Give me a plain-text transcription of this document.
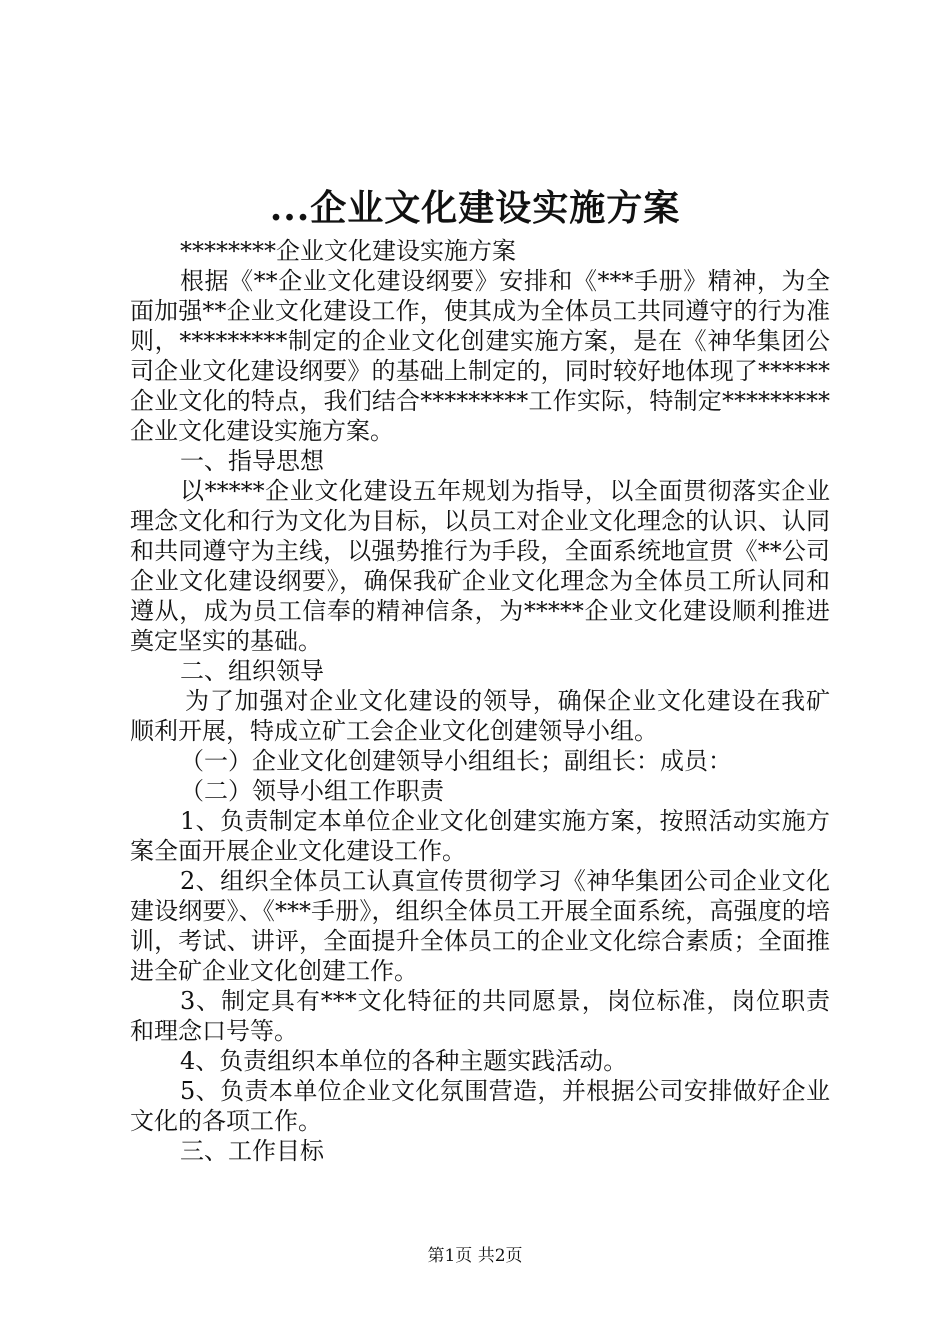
...企业文化建设实施方案

********企业文化建设实施方案

根据《**企业文化建设纲要》安排和《***手册》精神，为全面加强**企业文化建设工作，使其成为全体员工共同遵守的行为准则，*********制定的企业文化创建实施方案，是在《神华集团公司企业文化建设纲要》的基础上制定的，同时较好地体现了******企业文化的特点，我们结合*********工作实际，特制定*********企业文化建设实施方案。

一、指导思想

以*****企业文化建设五年规划为指导，以全面贯彻落实企业理念文化和行为文化为目标，以员工对企业文化理念的认识、认同和共同遵守为主线，以强势推行为手段，全面系统地宣贯《**公司企业文化建设纲要》，确保我矿企业文化理念为全体员工所认同和遵从，成为员工信奉的精神信条，为*****企业文化建设顺利推进奠定坚实的基础。

二、组织领导

为了加强对企业文化建设的领导，确保企业文化建设在我矿顺利开展，特成立矿工会企业文化创建领导小组。

（一）企业文化创建领导小组组长；副组长：成员：

（二）领导小组工作职责

1、负责制定本单位企业文化创建实施方案，按照活动实施方案全面开展企业文化建设工作。

2、组织全体员工认真宣传贯彻学习《神华集团公司企业文化建设纲要》、《***手册》，组织全体员工开展全面系统，高强度的培训，考试、讲评，全面提升全体员工的企业文化综合素质；全面推进全矿企业文化创建工作。

3、制定具有***文化特征的共同愿景，岗位标准，岗位职责和理念口号等。

4、负责组织本单位的各种主题实践活动。

5、负责本单位企业文化氛围营造，并根据公司安排做好企业文化的各项工作。

三、工作目标

第1页 共2页
